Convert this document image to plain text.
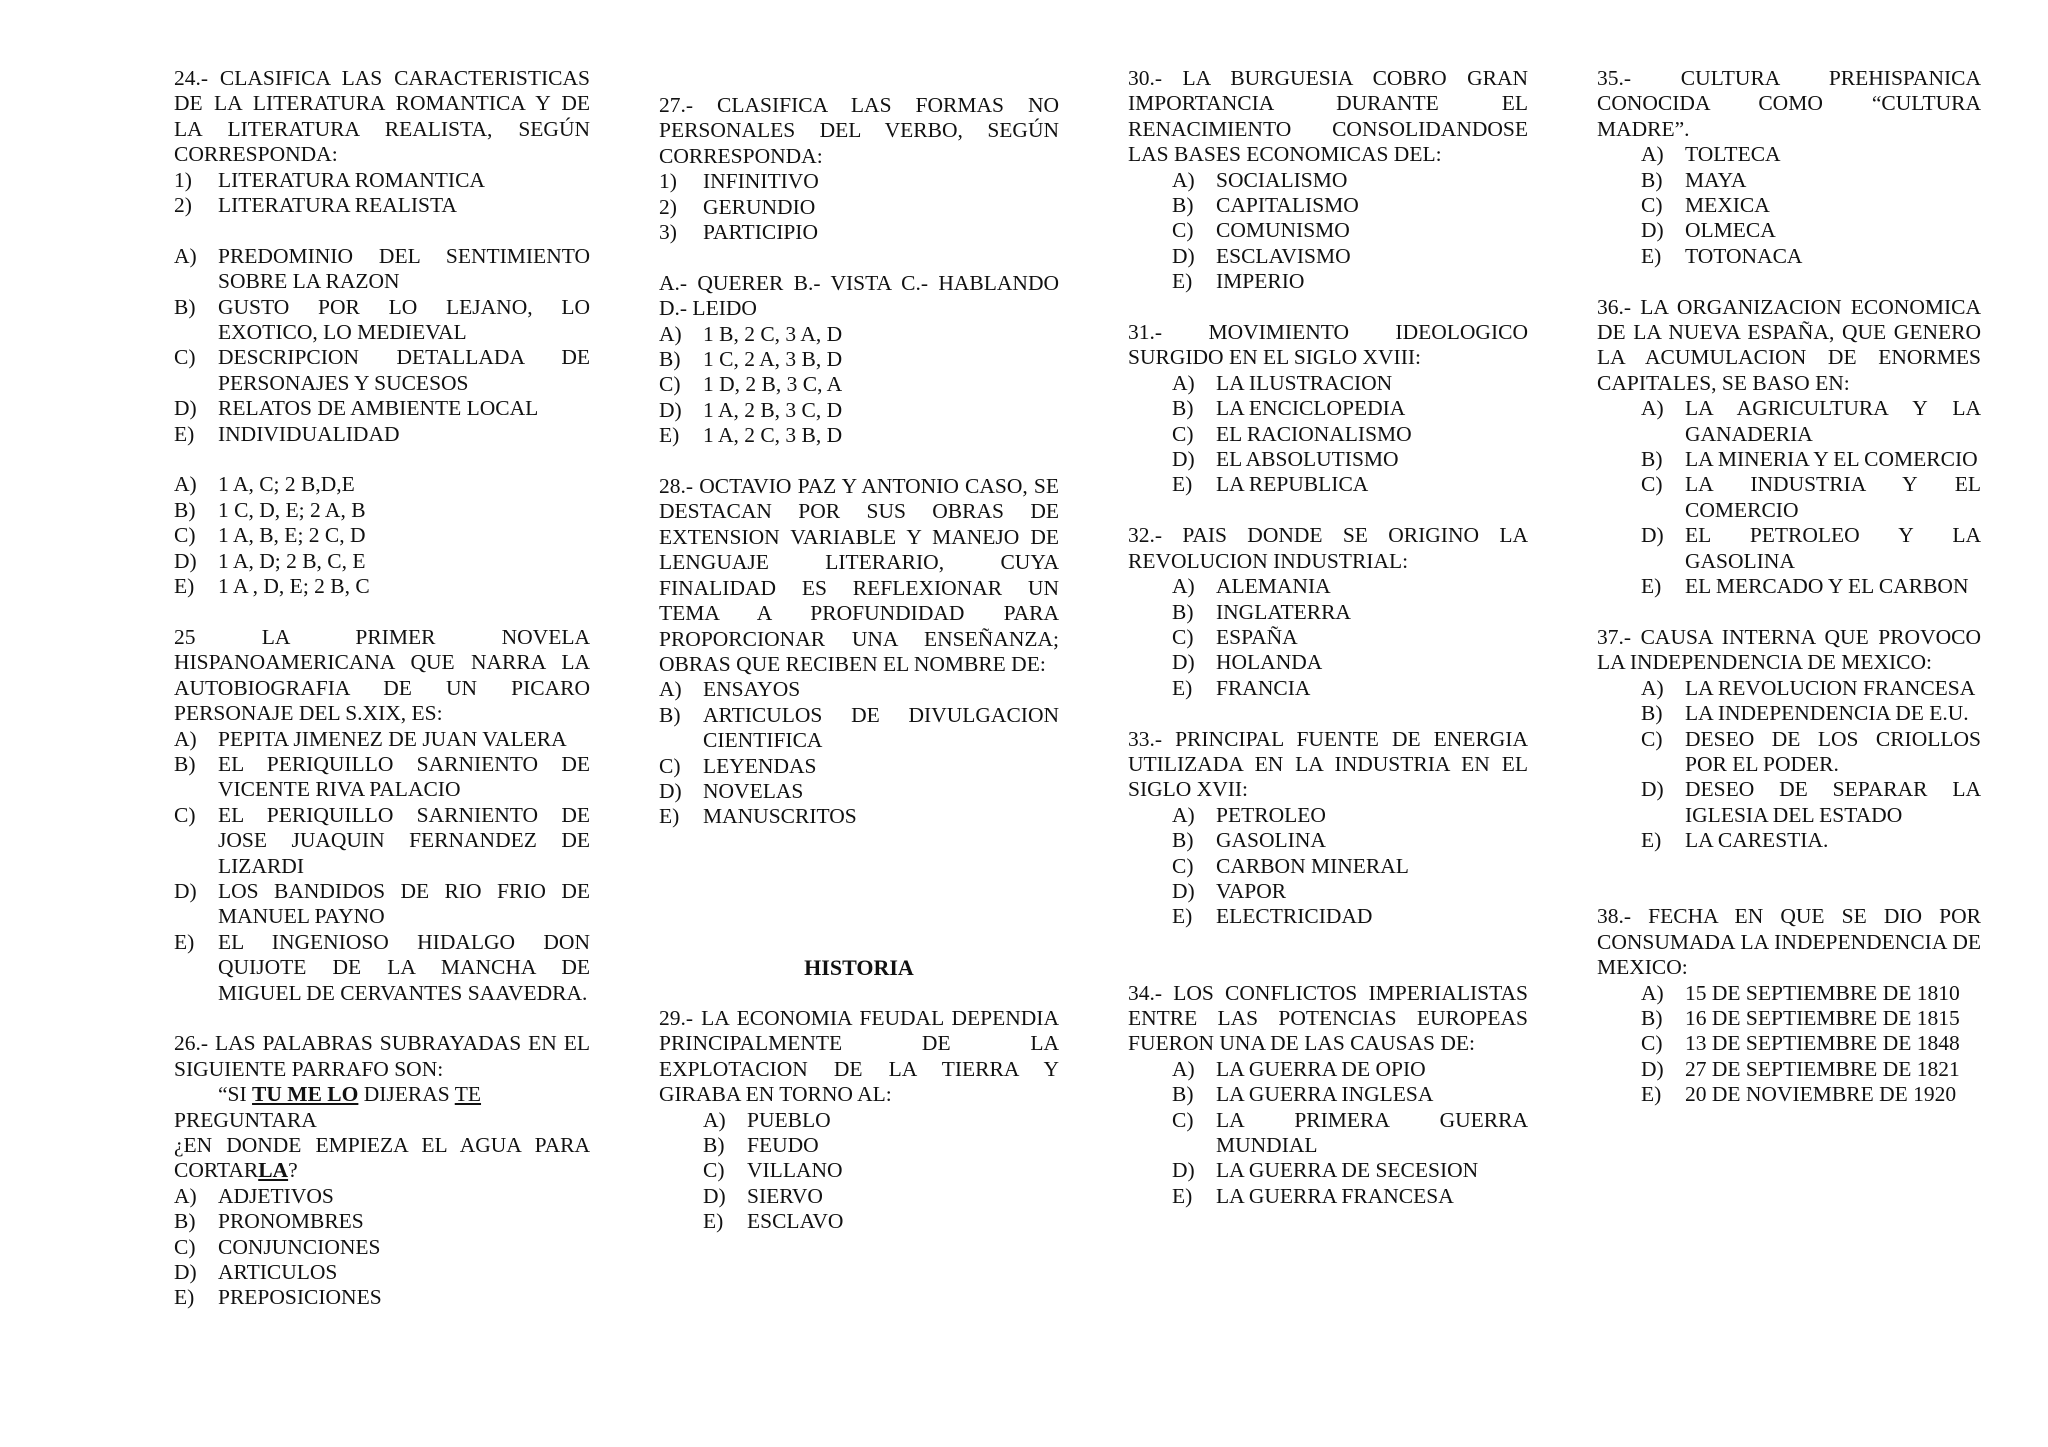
24.- CLASIFICA LAS CARACTERISTICAS DE LA LITERATURA ROMANTICA Y DE LA LITERATURA REALISTA, SEGÚN CORRESPONDA:
1)	LITERATURA ROMANTICA
2)	LITERATURA REALISTA
A) PREDOMINIO DEL SENTIMIENTO SOBRE LA RAZON
B)	GUSTO POR LO LEJANO, LO EXOTICO, LO MEDIEVAL
C)	DESCRIPCION DETALLADA DE PERSONAJES Y SUCESOS
D) RELATOS DE AMBIENTE LOCAL
E)	INDIVIDUALIDAD
A) 1 A, C; 2 B,D,E
B)	1 C, D, E; 2 A, B
C)	1 A, B, E; 2 C, D
D) 1 A, D; 2 B, C, E
E)	1 A , D, E; 2 B, C
25 LA PRIMER NOVELA HISPANOAMERICANA QUE NARRA LA AUTOBIOGRAFIA DE UN PICARO PERSONAJE DEL S.XIX, ES:
A) PEPITA JIMENEZ DE JUAN VALERA
B)	EL PERIQUILLO SARNIENTO DE VICENTE RIVA PALACIO
C)	EL PERIQUILLO SARNIENTO DE JOSE JUAQUIN FERNANDEZ DE LIZARDI
D) LOS BANDIDOS DE RIO FRIO DE MANUEL PAYNO
E)	EL INGENIOSO HIDALGO DON QUIJOTE DE LA MANCHA DE MIGUEL DE CERVANTES SAAVEDRA.
26.- LAS PALABRAS SUBRAYADAS EN EL SIGUIENTE PARRAFO SON:
“SI TU ME LO DIJERAS TE
PREGUNTARA
¿EN DONDE EMPIEZA EL AGUA PARA CORTARLA?
A) ADJETIVOS
B)	PRONOMBRES
C)	CONJUNCIONES
D) ARTICULOS
E)	PREPOSICIONES
27.- CLASIFICA LAS FORMAS NO PERSONALES DEL VERBO, SEGÚN CORRESPONDA:
1)	INFINITIVO
2)	GERUNDIO
3)	PARTICIPIO
A.- QUERER B.- VISTA C.- HABLANDO D.- LEIDO
A) 1 B, 2 C, 3 A, D
B)	1 C, 2 A, 3 B, D
C)	1 D, 2 B, 3 C, A
D) 1 A, 2 B, 3 C, D
E)	1 A, 2 C, 3 B, D
28.- OCTAVIO PAZ Y ANTONIO CASO, SE DESTACAN POR SUS OBRAS DE EXTENSION VARIABLE Y MANEJO DE LENGUAJE LITERARIO, CUYA FINALIDAD ES REFLEXIONAR UN TEMA A PROFUNDIDAD PARA PROPORCIONAR UNA ENSEÑANZA; OBRAS QUE RECIBEN EL NOMBRE DE:
A) ENSAYOS
B)	ARTICULOS DE DIVULGACION CIENTIFICA
C)	LEYENDAS
D) NOVELAS
E)	MANUSCRITOS
HISTORIA
29.- LA ECONOMIA FEUDAL DEPENDIA PRINCIPALMENTE DE LA EXPLOTACION DE LA TIERRA Y GIRABA EN TORNO AL:
A) PUEBLO
B)	FEUDO
C)	VILLANO
D) SIERVO
E)	ESCLAVO
30.- LA BURGUESIA COBRO GRAN IMPORTANCIA DURANTE EL RENACIMIENTO CONSOLIDANDOSE LAS BASES ECONOMICAS DEL:
A) SOCIALISMO
B)	CAPITALISMO
C)	COMUNISMO
D) ESCLAVISMO
E)	IMPERIO
31.- MOVIMIENTO IDEOLOGICO SURGIDO EN EL SIGLO XVIII:
A) LA ILUSTRACION
B)	LA ENCICLOPEDIA
C)	EL RACIONALISMO
D) EL ABSOLUTISMO
E)	LA REPUBLICA
32.- PAIS DONDE SE ORIGINO LA REVOLUCION INDUSTRIAL:
A) ALEMANIA
B)	INGLATERRA
C)	ESPAÑA
D) HOLANDA
E)	FRANCIA
33.- PRINCIPAL FUENTE DE ENERGIA UTILIZADA EN LA INDUSTRIA EN EL SIGLO XVII:
A) PETROLEO
B)	GASOLINA
C)	CARBON MINERAL
D) VAPOR
E)	ELECTRICIDAD
34.- LOS CONFLICTOS IMPERIALISTAS ENTRE LAS POTENCIAS EUROPEAS FUERON UNA DE LAS CAUSAS DE:
A) LA GUERRA DE OPIO
B)	LA GUERRA INGLESA
C)	LA PRIMERA GUERRA MUNDIAL
D) LA GUERRA DE SECESION
E)	LA GUERRA FRANCESA
35.- CULTURA PREHISPANICA CONOCIDA COMO “CULTURA MADRE”.
A) TOLTECA
B)	MAYA
C)	MEXICA
D) OLMECA
E)	TOTONACA
36.- LA ORGANIZACION ECONOMICA DE LA NUEVA ESPAÑA, QUE GENERO LA ACUMULACION DE ENORMES CAPITALES, SE BASO EN:
A) LA AGRICULTURA Y LA GANADERIA
B)	LA MINERIA Y EL COMERCIO
C)	LA INDUSTRIA Y EL COMERCIO
D) EL PETROLEO Y LA GASOLINA
E)	EL MERCADO Y EL CARBON
37.- CAUSA INTERNA QUE PROVOCO LA INDEPENDENCIA DE MEXICO:
A) LA REVOLUCION FRANCESA
B)	LA INDEPENDENCIA DE E.U.
C)	DESEO DE LOS CRIOLLOS POR EL PODER.
D) DESEO DE SEPARAR LA IGLESIA DEL ESTADO
E)	LA CARESTIA.
38.- FECHA EN QUE SE DIO POR CONSUMADA LA INDEPENDENCIA DE MEXICO:
A) 15 DE SEPTIEMBRE DE 1810
B)	16 DE SEPTIEMBRE DE 1815
C)	13 DE SEPTIEMBRE DE 1848
D) 27 DE SEPTIEMBRE DE 1821
E)	20 DE NOVIEMBRE DE 1920
